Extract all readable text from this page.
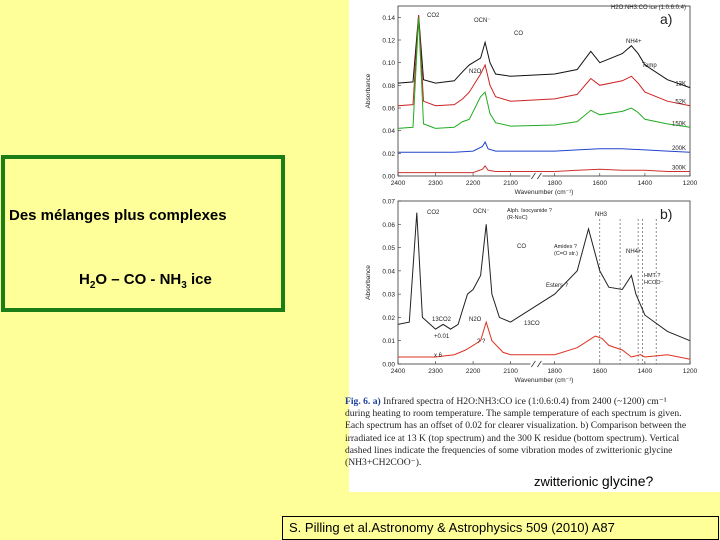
Des mélanges plus complexes
$H_2O$ – CO - $NH_3$ ice
0.00
0.02
0.04
0.06
0.08
0.10
0.12
0.14
2400	2300	2200	2100	1800	1600	1400	1200
Wavenumber (cm⁻¹)
Absorbance
a)
H2O:NH3:CO ice (1:0.6:0.4)
13K
52K
150K
200K
300K
0.00
0.01
0.02
0.03
0.04
0.05
0.06
0.07
2400	2300	2200	2100	1800	1600	1400	1200
Wavenumber (cm⁻¹)
Absorbance
b)
CO2
OCN⁻
CO
N2O
NH4+
Temp
CO2	OCN⁻	Alph. Isocyanide ?
(R-N≡C)	NH3
CO	Amides ?
(C=O str.)	NH4+
Esters ?
HMT ?
HCOO⁻
13CO2	N2O
13CO
+0.01
x 6
? ?
Fig. 6. a) Infrared spectra of H2O:NH3:CO ice (1:0.6:0.4) from 2400 (~1200) cm⁻¹ during heating to room temperature. The sample temperature of each spectrum is given. Each spectrum has an offset of 0.02 for clearer visualization. b) Comparison between the irradiated ice at 13 K (top spectrum) and the 300 K residue (bottom spectrum). Vertical dashed lines indicate the frequencies of some vibration modes of zwitterionic glycine (NH3+CH2COO⁻).
zwitterionic glycine?
S. Pilling et al.Astronomy & Astrophysics 509 (2010) A87
